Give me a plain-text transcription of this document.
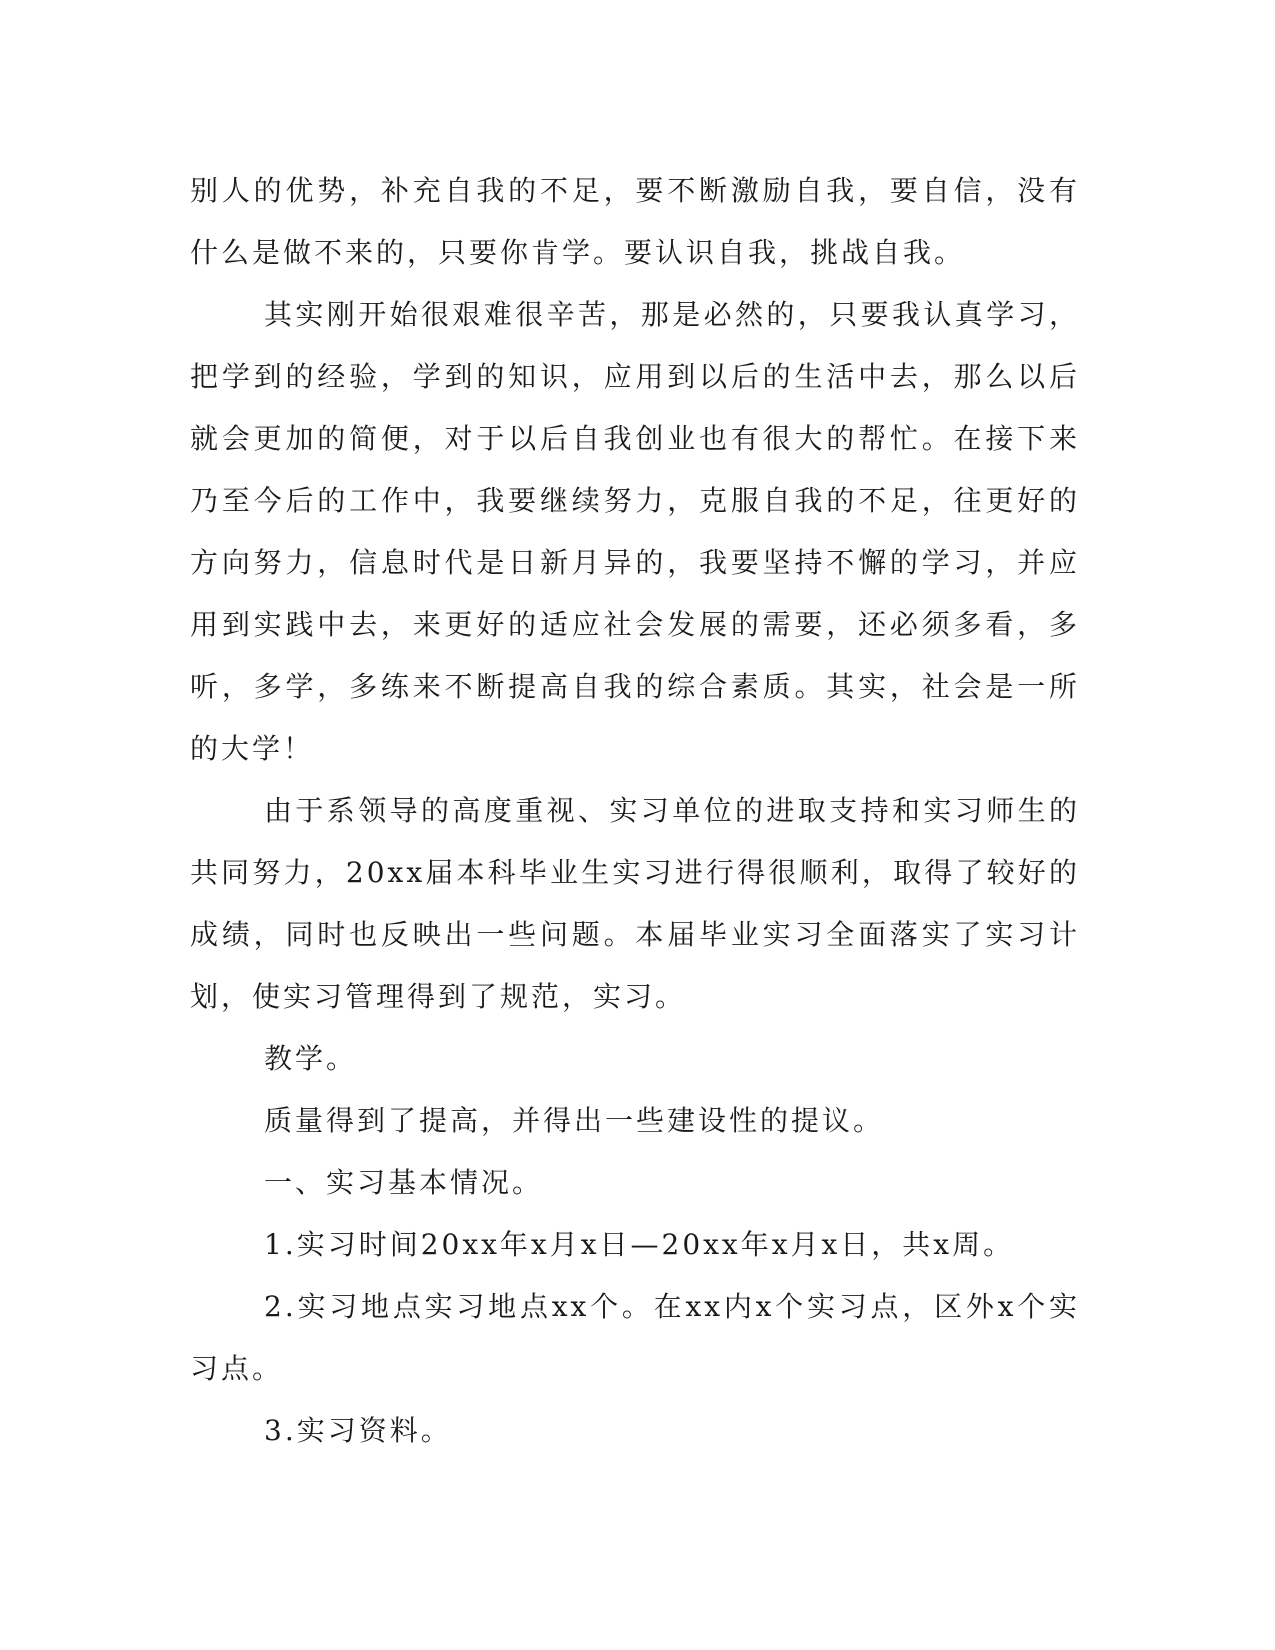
别人的优势，补充自我的不足，要不断激励自我，要自信，没有什么是做不来的，只要你肯学。要认识自我，挑战自我。

其实刚开始很艰难很辛苦，那是必然的，只要我认真学习，把学到的经验，学到的知识，应用到以后的生活中去，那么以后就会更加的简便，对于以后自我创业也有很大的帮忙。在接下来乃至今后的工作中，我要继续努力，克服自我的不足，往更好的方向努力，信息时代是日新月异的，我要坚持不懈的学习，并应用到实践中去，来更好的适应社会发展的需要，还必须多看，多听，多学，多练来不断提高自我的综合素质。其实，社会是一所的大学！

由于系领导的高度重视、实习单位的进取支持和实习师生的共同努力，20xx届本科毕业生实习进行得很顺利，取得了较好的成绩，同时也反映出一些问题。本届毕业实习全面落实了实习计划，使实习管理得到了规范，实习。

教学。

质量得到了提高，并得出一些建设性的提议。

一、实习基本情况。

1.实习时间20xx年x月x日—20xx年x月x日，共x周。

2.实习地点实习地点xx个。在xx内x个实习点，区外x个实习点。

3.实习资料。
